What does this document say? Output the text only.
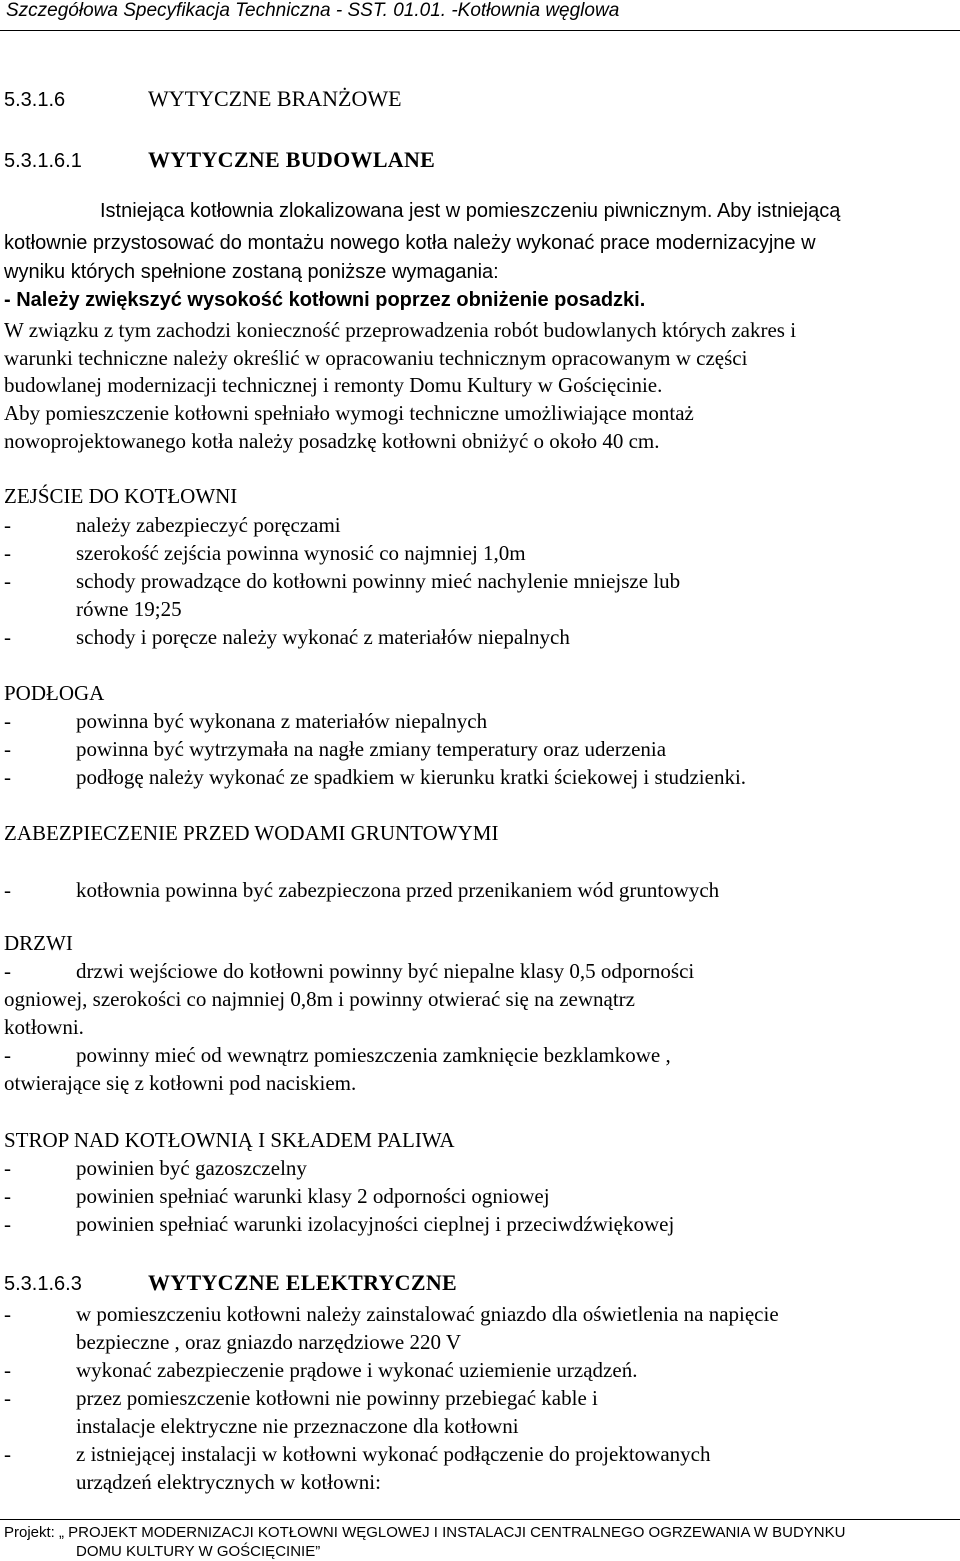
Szczegółowa Specyfikacja Techniczna - SST. 01.01. -Kotłownia węglowa
5.3.1.6	WYTYCZNE BRANŻOWE
5.3.1.6.1	WYTYCZNE BUDOWLANE
Istniejąca kotłownia zlokalizowana jest w pomieszczeniu piwnicznym. Aby istniejącą
kotłownie przystosować do montażu nowego kotła należy wykonać prace modernizacyjne w
wyniku których spełnione zostaną poniższe wymagania:
- Należy zwiększyć wysokość kotłowni poprzez obniżenie posadzki.
W związku z tym zachodzi konieczność przeprowadzenia robót budowlanych których zakres i
warunki techniczne należy określić w opracowaniu technicznym opracowanym w części
budowlanej modernizacji technicznej i remonty Domu Kultury w Gościęcinie.
Aby pomieszczenie kotłowni spełniało wymogi techniczne umożliwiające montaż
nowoprojektowanego kotła należy posadzkę kotłowni obniżyć o około 40 cm.
ZEJŚCIE DO KOTŁOWNI
-	należy zabezpieczyć poręczami
-	szerokość zejścia powinna wynosić co najmniej 1,0m
-	schody prowadzące do kotłowni powinny mieć nachylenie mniejsze lub
równe 19;25
-	schody i poręcze należy wykonać z materiałów niepalnych
PODŁOGA
-	powinna być wykonana z materiałów niepalnych
-	powinna być wytrzymała na nagłe zmiany temperatury oraz uderzenia
-	podłogę należy wykonać ze spadkiem w kierunku kratki ściekowej i studzienki.
ZABEZPIECZENIE PRZED WODAMI GRUNTOWYMI
-	kotłownia powinna być zabezpieczona przed przenikaniem wód gruntowych
DRZWI
-	drzwi wejściowe do kotłowni powinny być niepalne klasy 0,5 odporności
ogniowej, szerokości co najmniej 0,8m i powinny otwierać się na zewnątrz
kotłowni.
-	powinny mieć od wewnątrz pomieszczenia zamknięcie bezklamkowe ,
otwierające się z kotłowni pod naciskiem.
STROP NAD KOTŁOWNIĄ I SKŁADEM PALIWA
-	powinien być gazoszczelny
-	powinien spełniać warunki klasy 2 odporności ogniowej
-	powinien spełniać warunki izolacyjności cieplnej i przeciwdźwiękowej
5.3.1.6.3	WYTYCZNE ELEKTRYCZNE
-	w pomieszczeniu kotłowni należy zainstalować gniazdo dla oświetlenia na napięcie
bezpieczne , oraz gniazdo narzędziowe 220 V
-	wykonać zabezpieczenie prądowe i wykonać uziemienie urządzeń.
-	przez pomieszczenie kotłowni nie powinny przebiegać kable i
instalacje elektryczne nie przeznaczone dla kotłowni
-	z istniejącej instalacji w kotłowni wykonać podłączenie do projektowanych
urządzeń elektrycznych w kotłowni:
Projekt: „ PROJEKT MODERNIZACJI KOTŁOWNI WĘGLOWEJ I INSTALACJI CENTRALNEGO OGRZEWANIA W BUDYNKU
DOMU KULTURY W GOŚCIĘCINIE”
